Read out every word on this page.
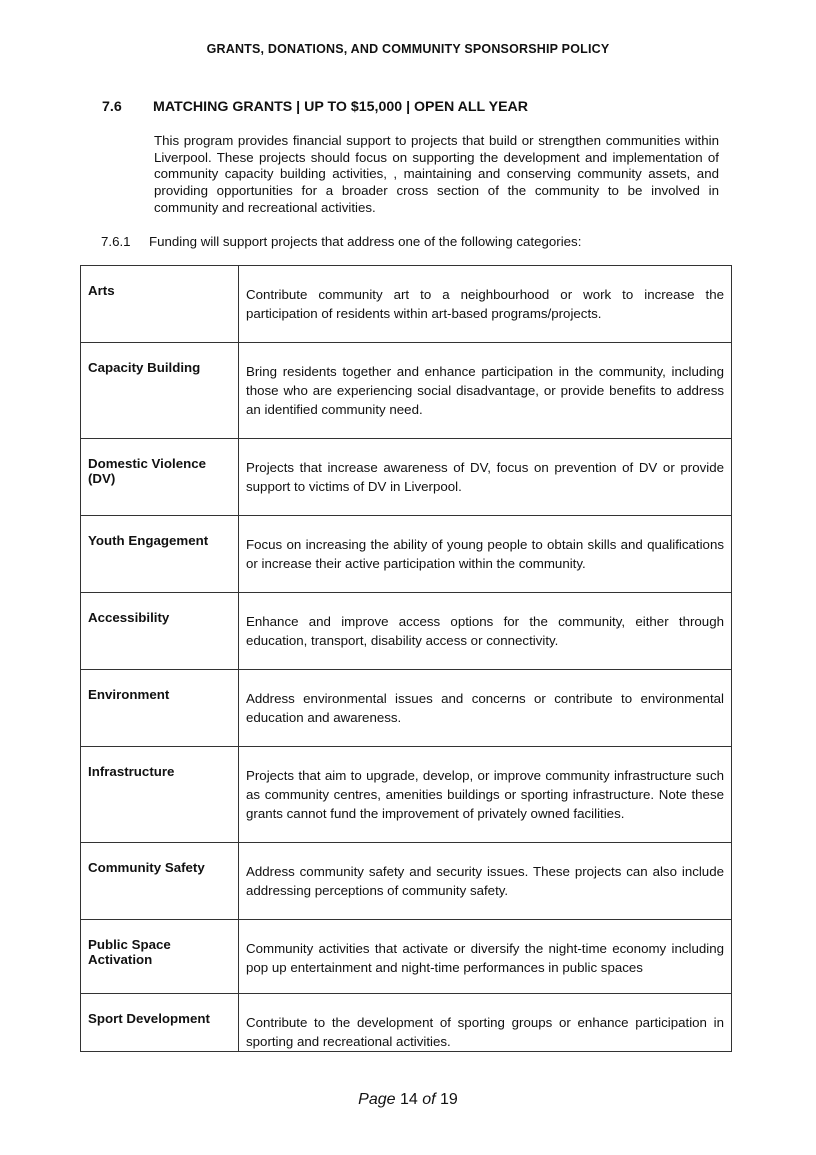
GRANTS, DONATIONS, AND COMMUNITY SPONSORSHIP POLICY
7.6 MATCHING GRANTS | UP TO $15,000 | OPEN ALL YEAR
This program provides financial support to projects that build or strengthen communities within Liverpool. These projects should focus on supporting the development and implementation of community capacity building activities, , maintaining and conserving community assets, and providing opportunities for a broader cross section of the community to be involved in community and recreational activities.
7.6.1 Funding will support projects that address one of the following categories:
Arts	Contribute community art to a neighbourhood or work to increase the participation of residents within art-based programs/projects.
Capacity Building	Bring residents together and enhance participation in the community, including those who are experiencing social disadvantage, or provide benefits to address an identified community need.
Domestic Violence (DV)	Projects that increase awareness of DV, focus on prevention of DV or provide support to victims of DV in Liverpool.
Youth Engagement	Focus on increasing the ability of young people to obtain skills and qualifications or increase their active participation within the community.
Accessibility	Enhance and improve access options for the community, either through education, transport, disability access or connectivity.
Environment	Address environmental issues and concerns or contribute to environmental education and awareness.
Infrastructure	Projects that aim to upgrade, develop, or improve community infrastructure such as community centres, amenities buildings or sporting infrastructure. Note these grants cannot fund the improvement of privately owned facilities.
Community Safety	Address community safety and security issues. These projects can also include addressing perceptions of community safety.
Public Space Activation	Community activities that activate or diversify the night-time economy including pop up entertainment and night-time performances in public spaces
Sport Development	Contribute to the development of sporting groups or enhance participation in sporting and recreational activities.
Page 14 of 19
